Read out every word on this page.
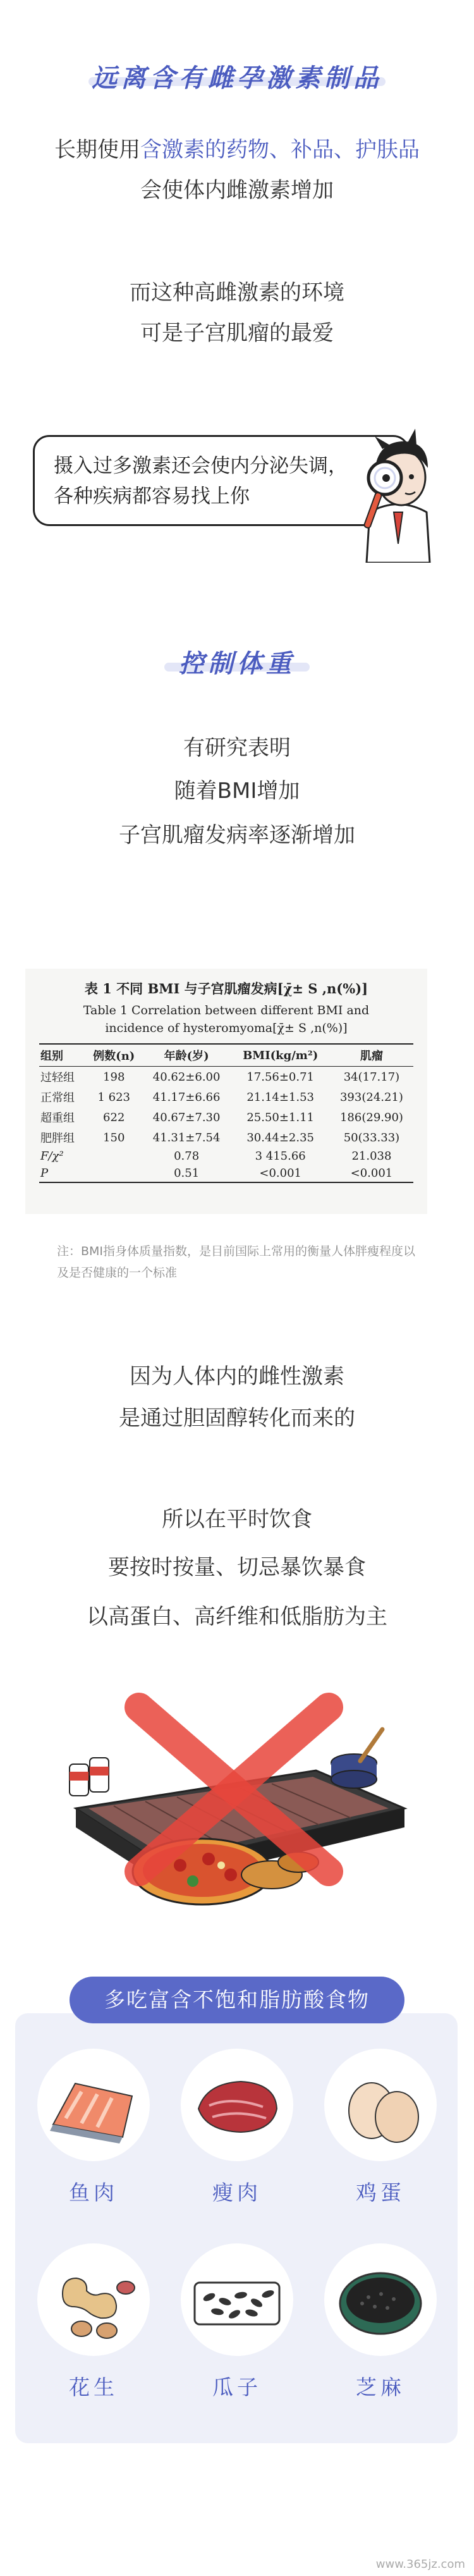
远离含有雌孕激素制品
长期使用含激素的药物、补品、护肤品
会使体内雌激素增加
而这种高雌激素的环境
可是子宫肌瘤的最爱
摄入过多激素还会使内分泌失调，
各种疾病都容易找上你
控制体重
有研究表明
随着BMI增加
子宫肌瘤发病率逐渐增加
表 1 不同 BMI 与子宫肌瘤发病[χ̄± S ,n(%)]
Table 1 Correlation between different BMI and
incidence of hysteromyoma[χ̄± S ,n(%)]
组别	例数(n)	年龄(岁)	BMI(kg/m²)	肌瘤
过轻组	198	40.62±6.00	17.56±0.71	34(17.17)
正常组	1 623	41.17±6.66	21.14±1.53	393(24.21)
超重组	622	40.67±7.30	25.50±1.11	186(29.90)
肥胖组	150	41.31±7.54	30.44±2.35	50(33.33)
F/χ²		0.78	3 415.66	21.038
P		0.51	<0.001	<0.001
注：BMI指身体质量指数，是目前国际上常用的衡量人体胖瘦程度以及是否健康的一个标准
因为人体内的雌性激素
是通过胆固醇转化而来的
所以在平时饮食
要按时按量、切忌暴饮暴食
以高蛋白、高纤维和低脂肪为主
多吃富含不饱和脂肪酸食物
鱼肉	瘦肉	鸡蛋
花生	瓜子	芝麻
www.365jz.com
